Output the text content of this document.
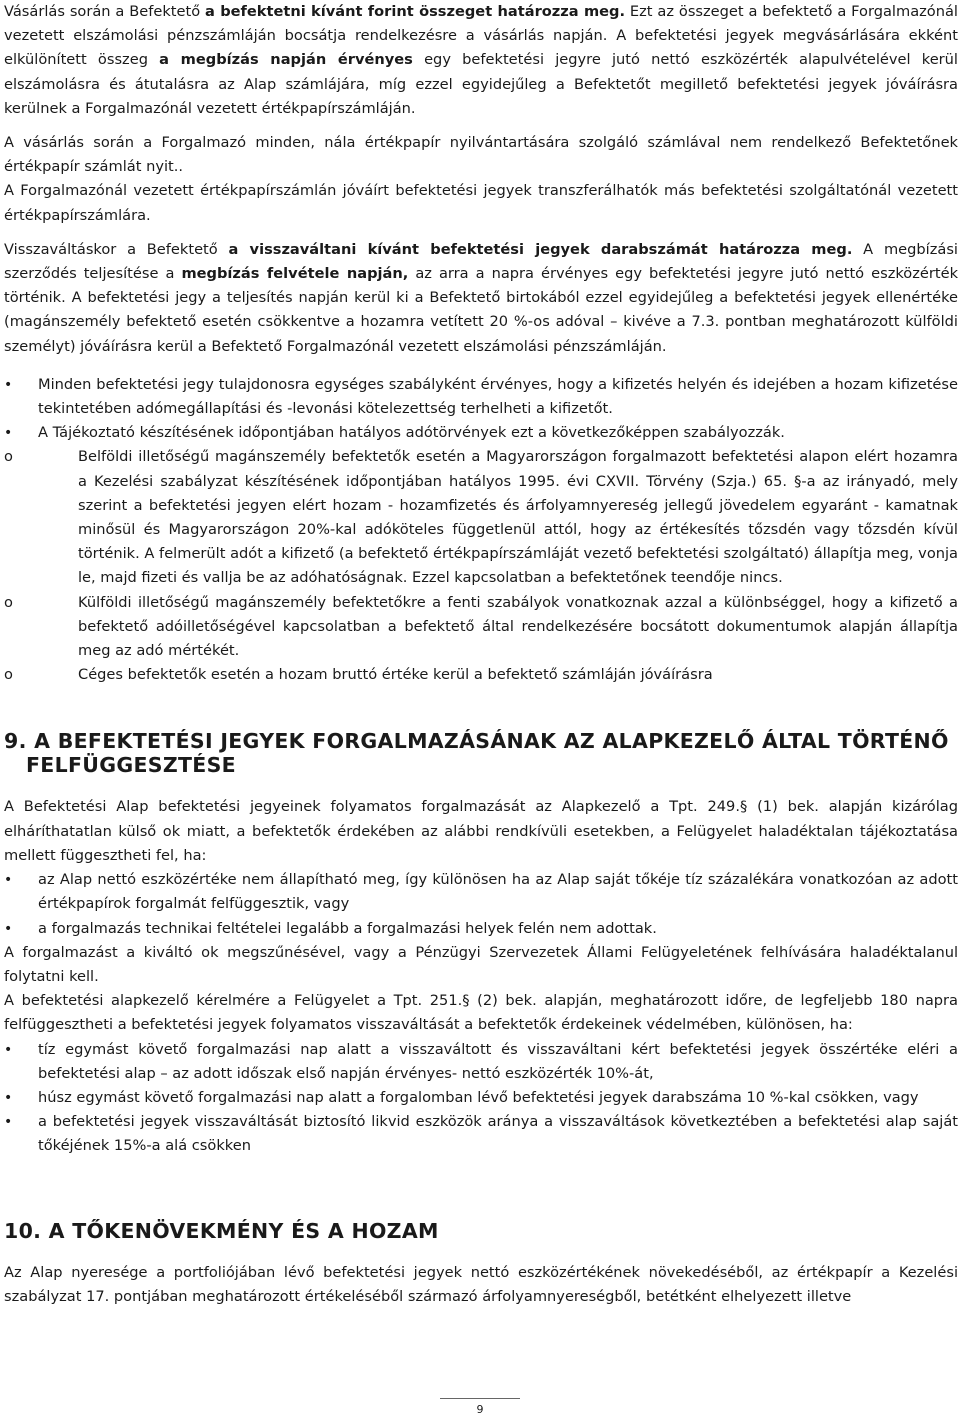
Vásárlás során a Befektető a befektetni kívánt forint összeget határozza meg. Ezt az összeget a befektető a Forgalmazónál vezetett elszámolási pénzszámláján bocsátja rendelkezésre a vásárlás napján. A befektetési jegyek megvásárlására ekként elkülönített összeg a megbízás napján érvényes egy befektetési jegyre jutó nettó eszközérték alapulvételével kerül elszámolásra és átutalásra az Alap számlájára, míg ezzel egyidejűleg a Befektetőt megillető befektetési jegyek jóváírásra kerülnek a Forgalmazónál vezetett értékpapírszámláján.

A vásárlás során a Forgalmazó minden, nála értékpapír nyilvántartására szolgáló számlával nem rendelkező Befektetőnek értékpapír számlát nyit..

A Forgalmazónál vezetett értékpapírszámlán jóváírt befektetési jegyek transzferálhatók más befektetési szolgáltatónál vezetett értékpapírszámlára.

Visszaváltáskor a Befektető a visszaváltani kívánt befektetési jegyek darabszámát határozza meg. A megbízási szerződés teljesítése a megbízás felvétele napján, az arra a napra érvényes egy befektetési jegyre jutó nettó eszközérték történik. A befektetési jegy a teljesítés napján kerül ki a Befektető birtokából ezzel egyidejűleg a befektetési jegyek ellenértéke (magánszemély befektető esetén csökkentve a hozamra vetített 20 %-os adóval – kivéve a 7.3. pontban meghatározott külföldi személyt) jóváírásra kerül a Befektető Forgalmazónál vezetett elszámolási pénzszámláján.

•	Minden befektetési jegy tulajdonosra egységes szabályként érvényes, hogy a kifizetés helyén és idejében a hozam kifizetése tekintetében adómegállapítási és -levonási kötelezettség terhelheti a kifizetőt.
•	A Tájékoztató készítésének időpontjában hatályos adótörvények ezt a következőképpen szabályozzák.
o	Belföldi illetőségű magánszemély befektetők esetén a Magyarországon forgalmazott befektetési alapon elért hozamra a Kezelési szabályzat készítésének időpontjában hatályos 1995. évi CXVII. Törvény (Szja.) 65. §-a az irányadó, mely szerint a befektetési jegyen elért hozam - hozamfizetés és árfolyamnyereség jellegű jövedelem egyaránt - kamatnak minősül és Magyarországon 20%-kal adóköteles függetlenül attól, hogy az értékesítés tőzsdén vagy tőzsdén kívül történik. A felmerült adót a kifizető (a befektető értékpapírszámláját vezető befektetési szolgáltató) állapítja meg, vonja le, majd fizeti és vallja be az adóhatóságnak. Ezzel kapcsolatban a befektetőnek teendője nincs.
o	Külföldi illetőségű magánszemély befektetőkre a fenti szabályok vonatkoznak azzal a különbséggel, hogy a kifizető a befektető adóilletőségével kapcsolatban a befektető által rendelkezésére bocsátott dokumentumok alapján állapítja meg az adó mértékét.
o	Céges befektetők esetén a hozam bruttó értéke kerül a befektető számláján jóváírásra
9. A BEFEKTETÉSI JEGYEK FORGALMAZÁSÁNAK AZ ALAPKEZELŐ ÁLTAL TÖRTÉNŐ FELFÜGGESZTÉSE

A Befektetési Alap befektetési jegyeinek folyamatos forgalmazását az Alapkezelő a Tpt. 249.§ (1) bek. alapján kizárólag elháríthatatlan külső ok miatt, a befektetők érdekében az alábbi rendkívüli esetekben, a Felügyelet haladéktalan tájékoztatása mellett függesztheti fel, ha:

•	az Alap nettó eszközértéke nem állapítható meg, így különösen ha az Alap saját tőkéje tíz százalékára vonatkozóan az adott értékpapírok forgalmát felfüggesztik, vagy
•	a forgalmazás technikai feltételei legalább a forgalmazási helyek felén nem adottak.

A forgalmazást a kiváltó ok megszűnésével, vagy a Pénzügyi Szervezetek Állami Felügyeletének felhívására haladéktalanul folytatni kell.

A befektetési alapkezelő kérelmére a Felügyelet a Tpt. 251.§ (2) bek. alapján, meghatározott időre, de legfeljebb 180 napra felfüggesztheti a befektetési jegyek folyamatos visszaváltását a befektetők érdekeinek védelmében, különösen, ha:

•	tíz egymást követő forgalmazási nap alatt a visszaváltott és visszaváltani kért befektetési jegyek összértéke eléri a befektetési alap – az adott időszak első napján érvényes- nettó eszközérték 10%-át,
•	húsz egymást követő forgalmazási nap alatt a forgalomban lévő befektetési jegyek darabszáma 10 %-kal csökken, vagy
•	a befektetési jegyek visszaváltását biztosító likvid eszközök aránya a visszaváltások következtében a befektetési alap saját tőkéjének 15%-a alá csökken
10. A TŐKENÖVEKMÉNY ÉS A HOZAM

Az Alap nyeresége a portfoliójában lévő befektetési jegyek nettó eszközértékének növekedéséből, az értékpapír a Kezelési szabályzat 17. pontjában meghatározott értékeléséből származó árfolyamnyereségből, betétként elhelyezett illetve

9
